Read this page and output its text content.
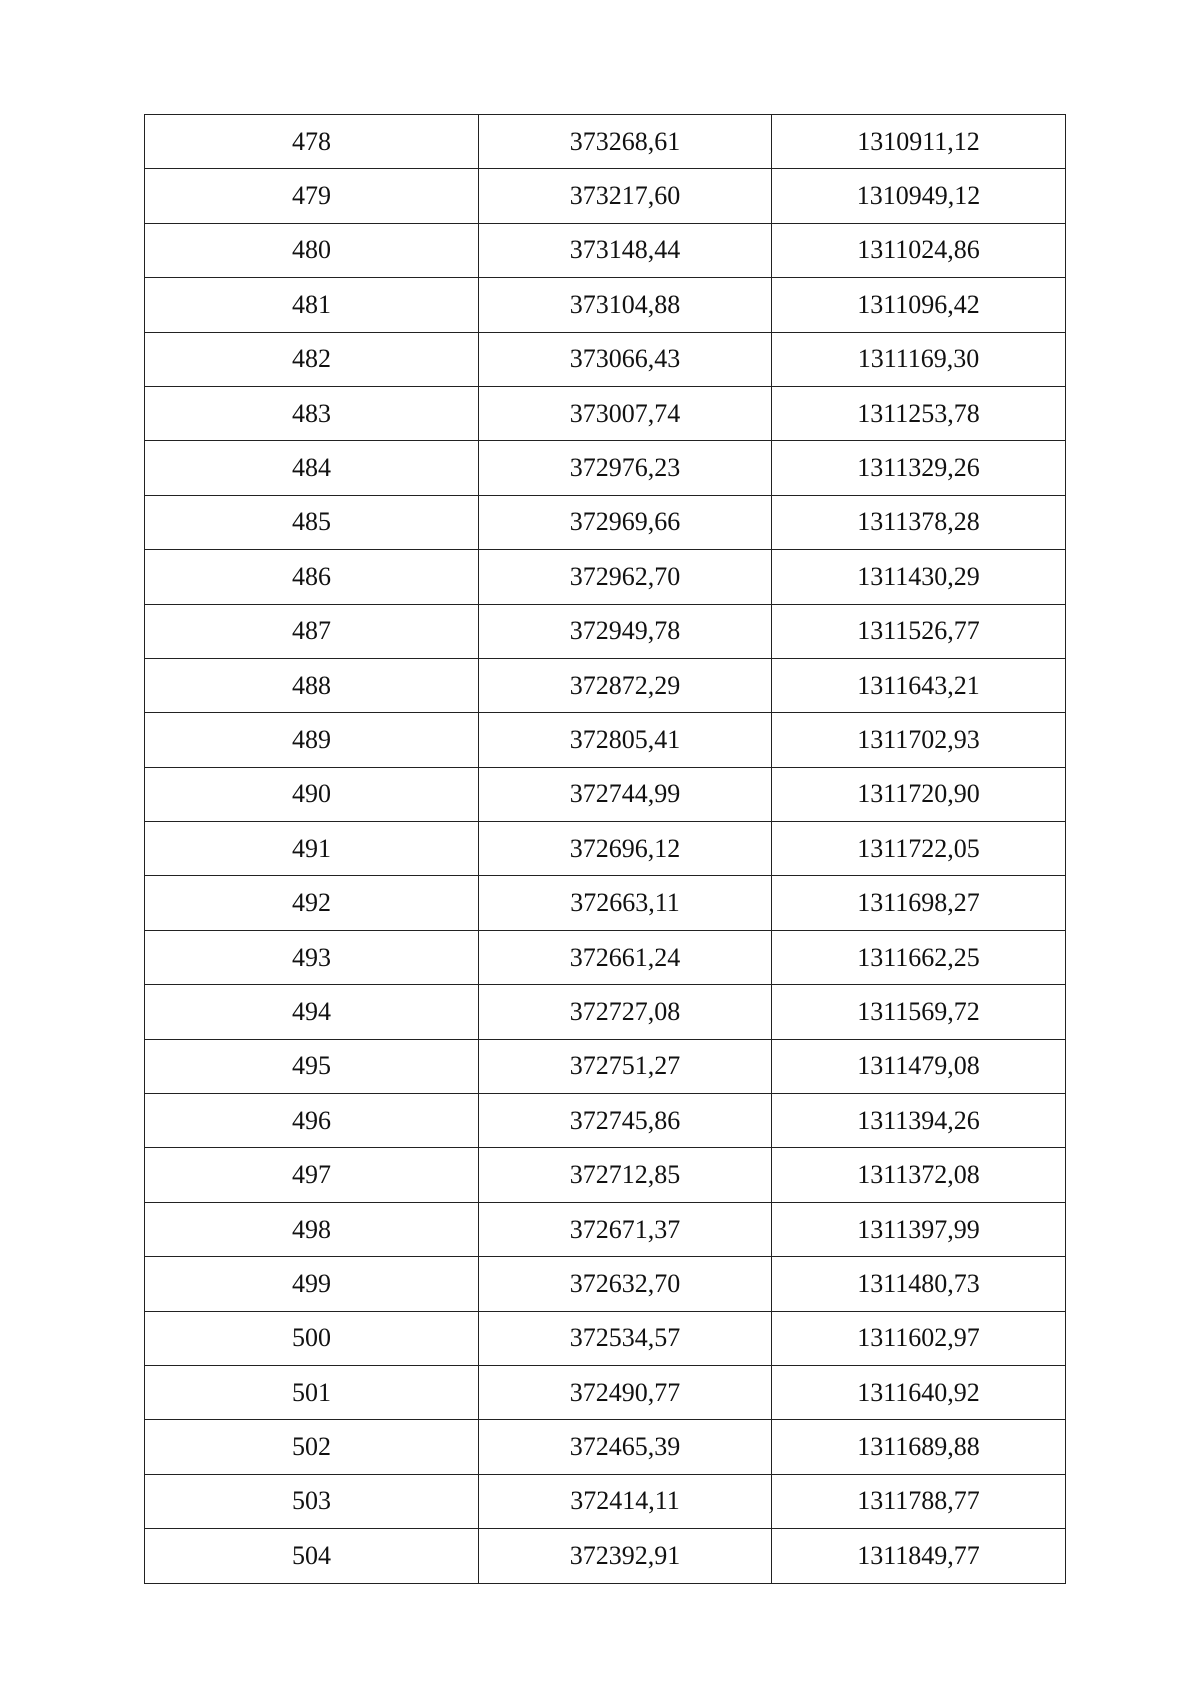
478	373268,61	1310911,12
479	373217,60	1310949,12
480	373148,44	1311024,86
481	373104,88	1311096,42
482	373066,43	1311169,30
483	373007,74	1311253,78
484	372976,23	1311329,26
485	372969,66	1311378,28
486	372962,70	1311430,29
487	372949,78	1311526,77
488	372872,29	1311643,21
489	372805,41	1311702,93
490	372744,99	1311720,90
491	372696,12	1311722,05
492	372663,11	1311698,27
493	372661,24	1311662,25
494	372727,08	1311569,72
495	372751,27	1311479,08
496	372745,86	1311394,26
497	372712,85	1311372,08
498	372671,37	1311397,99
499	372632,70	1311480,73
500	372534,57	1311602,97
501	372490,77	1311640,92
502	372465,39	1311689,88
503	372414,11	1311788,77
504	372392,91	1311849,77
